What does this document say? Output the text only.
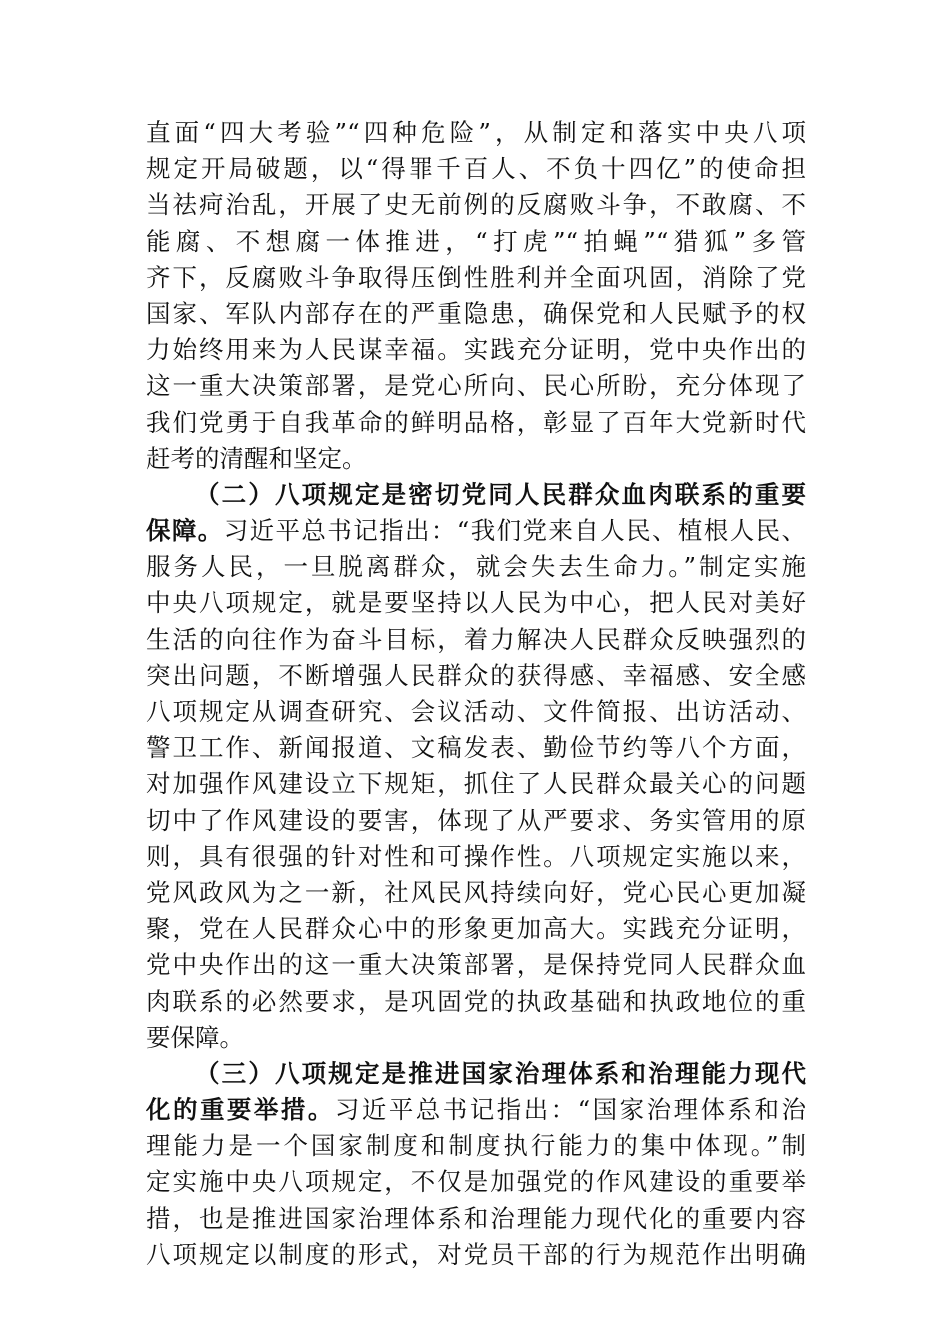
直面“四大考验”“四种危险”，从制定和落实中央八项
规定开局破题，以“得罪千百人、不负十四亿”的使命担
当祛疴治乱，开展了史无前例的反腐败斗争，不敢腐、不
能腐、不想腐一体推进，“打虎”“拍蝇”“猎狐”多管
齐下，反腐败斗争取得压倒性胜利并全面巩固，消除了党
国家、军队内部存在的严重隐患，确保党和人民赋予的权
力始终用来为人民谋幸福。实践充分证明，党中央作出的
这一重大决策部署，是党心所向、民心所盼，充分体现了
我们党勇于自我革命的鲜明品格，彰显了百年大党新时代
赶考的清醒和坚定。
（二）八项规定是密切党同人民群众血肉联系的重要
保障。习近平总书记指出：“我们党来自人民、植根人民、
服务人民，一旦脱离群众，就会失去生命力。”制定实施
中央八项规定，就是要坚持以人民为中心，把人民对美好
生活的向往作为奋斗目标，着力解决人民群众反映强烈的
突出问题，不断增强人民群众的获得感、幸福感、安全感
八项规定从调查研究、会议活动、文件简报、出访活动、
警卫工作、新闻报道、文稿发表、勤俭节约等八个方面，
对加强作风建设立下规矩，抓住了人民群众最关心的问题
切中了作风建设的要害，体现了从严要求、务实管用的原
则，具有很强的针对性和可操作性。八项规定实施以来，
党风政风为之一新，社风民风持续向好，党心民心更加凝
聚，党在人民群众心中的形象更加高大。实践充分证明，
党中央作出的这一重大决策部署，是保持党同人民群众血
肉联系的必然要求，是巩固党的执政基础和执政地位的重
要保障。
（三）八项规定是推进国家治理体系和治理能力现代
化的重要举措。习近平总书记指出：“国家治理体系和治
理能力是一个国家制度和制度执行能力的集中体现。”制
定实施中央八项规定，不仅是加强党的作风建设的重要举
措，也是推进国家治理体系和治理能力现代化的重要内容
八项规定以制度的形式，对党员干部的行为规范作出明确
